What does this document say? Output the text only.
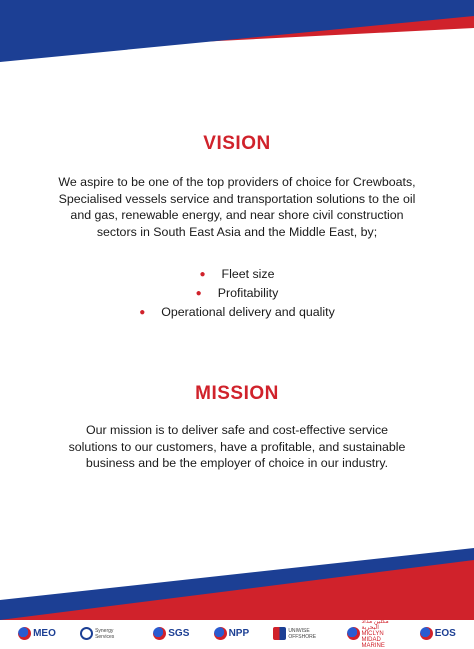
VISION

We aspire to be one of the top providers of choice for Crewboats, Specialised vessels service and transportation solutions to the oil and gas, renewable energy, and near shore civil construction sectors in South East Asia and the Middle East, by;

● Fleet size
● Profitability
● Operational delivery and quality
MISSION

Our mission is to deliver safe and cost-effective service solutions to our customers, have a profitable, and sustainable business and be the employer of choice in our industry.

MEO	Synergy Services	SGS	NPP	UNIWISE OFFSHORE
مكلين مداد البحرية MICLYN MIDAD MARINE
EOS
